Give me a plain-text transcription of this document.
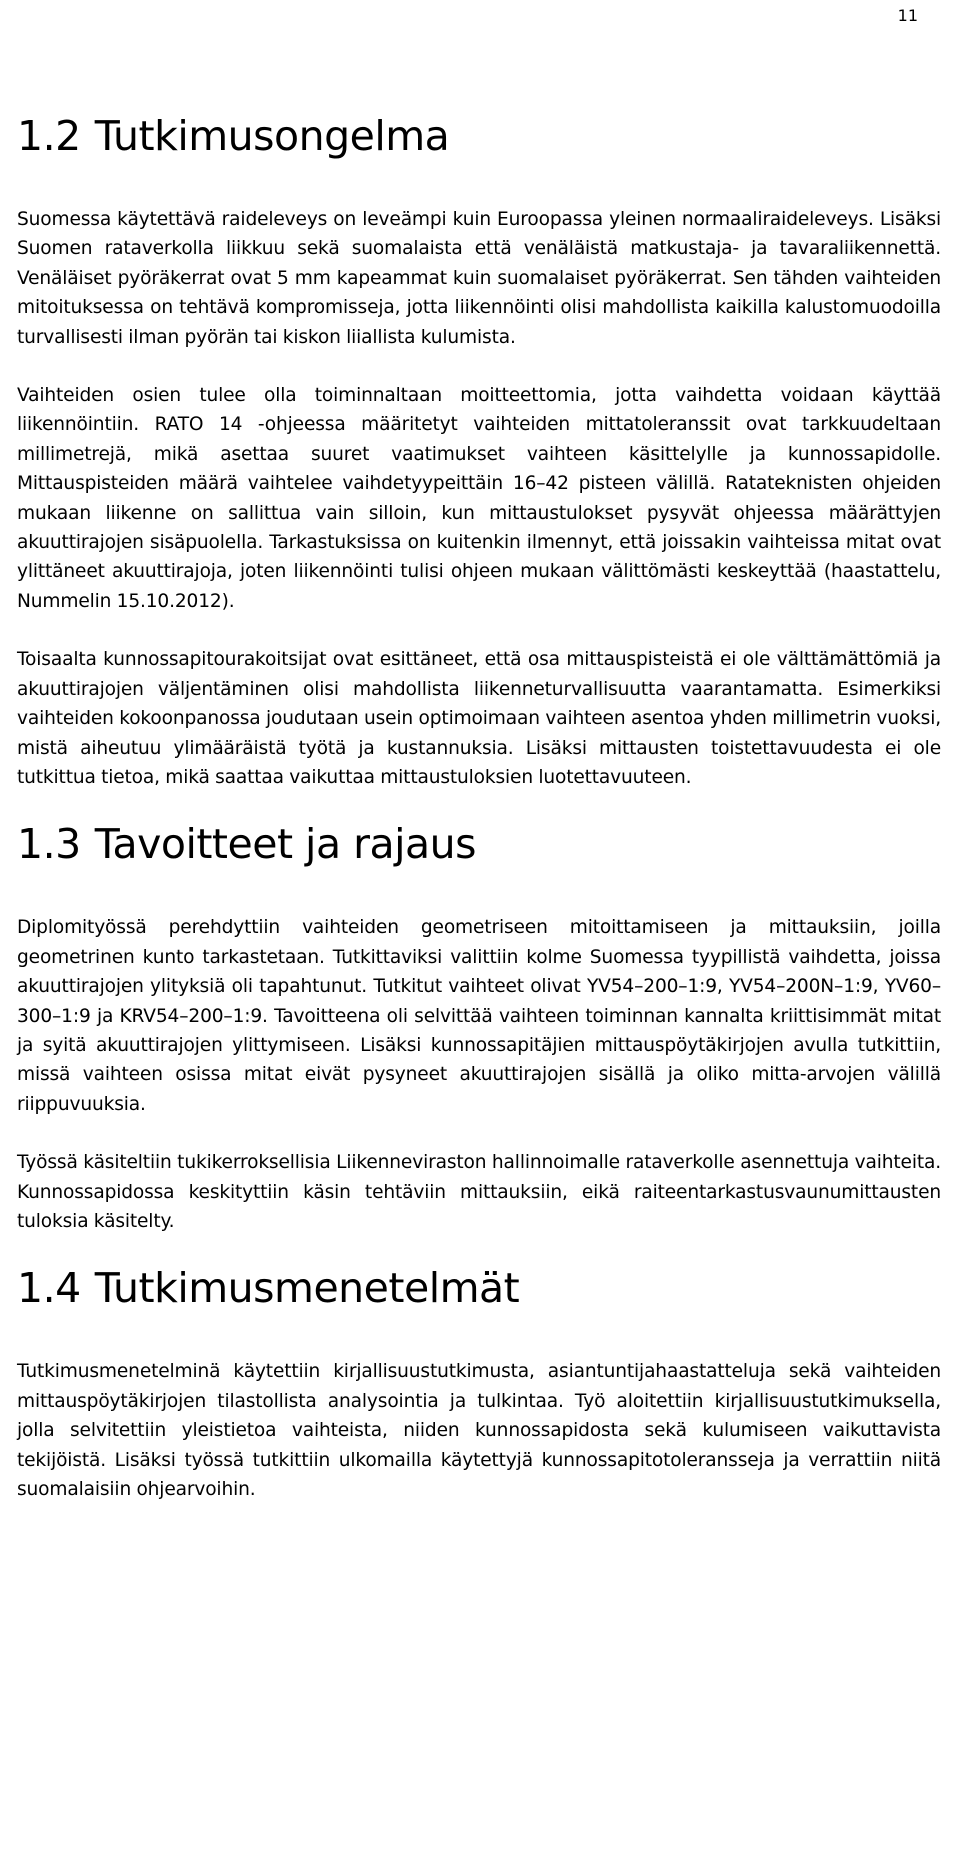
11
1.2 Tutkimusongelma

Suomessa käytettävä raideleveys on leveämpi kuin Euroopassa yleinen normaaliraideleveys. Lisäksi Suomen rataverkolla liikkuu sekä suomalaista että venäläistä matkustaja- ja tavaraliikennettä. Venäläiset pyöräkerrat ovat 5 mm kapeammat kuin suomalaiset pyöräkerrat. Sen tähden vaihteiden mitoituksessa on tehtävä kompromisseja, jotta liikennöinti olisi mahdollista kaikilla kalustomuodoilla turvallisesti ilman pyörän tai kiskon liiallista kulumista.

Vaihteiden osien tulee olla toiminnaltaan moitteettomia, jotta vaihdetta voidaan käyttää liikennöintiin. RATO 14 -ohjeessa määritetyt vaihteiden mittatoleranssit ovat tarkkuudeltaan millimetrejä, mikä asettaa suuret vaatimukset vaihteen käsittelylle ja kunnossapidolle. Mittauspisteiden määrä vaihtelee vaihdetyypeittäin 16–42 pisteen välillä. Ratateknisten ohjeiden mukaan liikenne on sallittua vain silloin, kun mittaustulokset pysyvät ohjeessa määrättyjen akuuttirajojen sisäpuolella. Tarkastuksissa on kuitenkin ilmennyt, että joissakin vaihteissa mitat ovat ylittäneet akuuttirajoja, joten liikennöinti tulisi ohjeen mukaan välittömästi keskeyttää (haastattelu, Nummelin 15.10.2012).

Toisaalta kunnossapitourakoitsijat ovat esittäneet, että osa mittauspisteistä ei ole välttämättömiä ja akuuttirajojen väljentäminen olisi mahdollista liikenneturvallisuutta vaarantamatta. Esimerkiksi vaihteiden kokoonpanossa joudutaan usein optimoimaan vaihteen asentoa yhden millimetrin vuoksi, mistä aiheutuu ylimääräistä työtä ja kustannuksia. Lisäksi mittausten toistettavuudesta ei ole tutkittua tietoa, mikä saattaa vaikuttaa mittaustuloksien luotettavuuteen.

1.3 Tavoitteet ja rajaus

Diplomityössä perehdyttiin vaihteiden geometriseen mitoittamiseen ja mittauksiin, joilla geometrinen kunto tarkastetaan. Tutkittaviksi valittiin kolme Suomessa tyypillistä vaihdetta, joissa akuuttirajojen ylityksiä oli tapahtunut. Tutkitut vaihteet olivat YV54–200–1:9, YV54–200N–1:9, YV60–300–1:9 ja KRV54–200–1:9. Tavoitteena oli selvittää vaihteen toiminnan kannalta kriittisimmät mitat ja syitä akuuttirajojen ylittymiseen. Lisäksi kunnossapitäjien mittauspöytäkirjojen avulla tutkittiin, missä vaihteen osissa mitat eivät pysyneet akuuttirajojen sisällä ja oliko mitta-arvojen välillä riippuvuuksia.

Työssä käsiteltiin tukikerroksellisia Liikenneviraston hallinnoimalle rataverkolle asennettuja vaihteita. Kunnossapidossa keskityttiin käsin tehtäviin mittauksiin, eikä raiteentarkastusvaunumittausten tuloksia käsitelty.

1.4 Tutkimusmenetelmät

Tutkimusmenetelminä käytettiin kirjallisuustutkimusta, asiantuntijahaastatteluja sekä vaihteiden mittauspöytäkirjojen tilastollista analysointia ja tulkintaa. Työ aloitettiin kirjallisuustutkimuksella, jolla selvitettiin yleistietoa vaihteista, niiden kunnossapidosta sekä kulumiseen vaikuttavista tekijöistä. Lisäksi työssä tutkittiin ulkomailla käytettyjä kunnossapitotoleransseja ja verrattiin niitä suomalaisiin ohjearvoihin.
